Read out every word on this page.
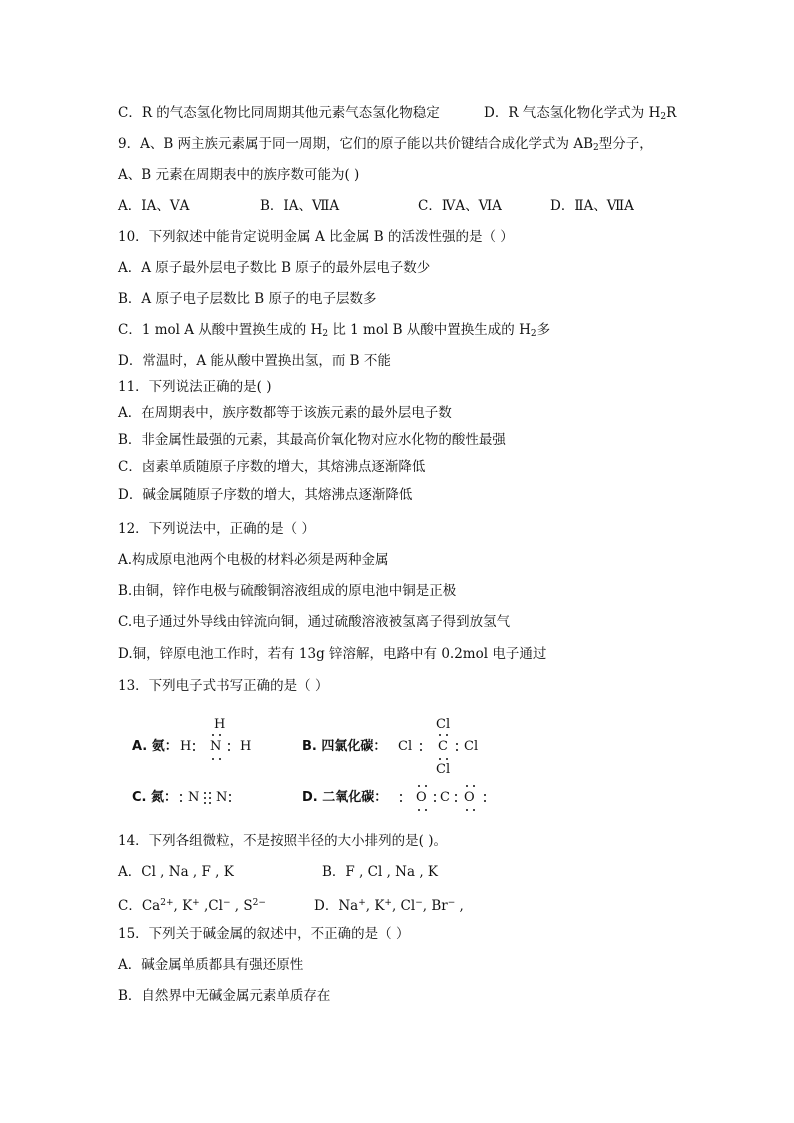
C．R 的气态氢化物比同周期其他元素气态氢化物稳定	D．R 气态氢化物化学式为 $H_2R$
9．A、B 两主族元素属于同一周期，它们的原子能以共价键结合成化学式为 $AB_2$型分子，
A、B 元素在周期表中的族序数可能为( )
A．ⅠA、ⅤA	B．ⅠA、ⅦA	C．ⅣA、ⅥA	D．ⅡA、ⅦA
10．下列叙述中能肯定说明金属 A 比金属 B 的活泼性强的是（ ）
A．A 原子最外层电子数比 B 原子的最外层电子数少
B．A 原子电子层数比 B 原子的电子层数多
C．1 mol A 从酸中置换生成的 $H_2$ 比 1 mol B 从酸中置换生成的 $H_2$多
D．常温时，A 能从酸中置换出氢，而 B 不能
11．下列说法正确的是( )
A．在周期表中，族序数都等于该族元素的最外层电子数
B．非金属性最强的元素，其最高价氧化物对应水化物的酸性最强
C．卤素单质随原子序数的增大，其熔沸点逐渐降低
D．碱金属随原子序数的增大，其熔沸点逐渐降低
12．下列说法中，正确的是（ ）
A.构成原电池两个电极的材料必须是两种金属
B.由铜，锌作电极与硫酸铜溶液组成的原电池中铜是正极
C.电子通过外导线由锌流向铜，通过硫酸溶液被氢离子得到放氢气
D.铜，锌原电池工作时，若有 13g 锌溶解，电路中有 0.2mol 电子通过
13．下列电子式书写正确的是（ ）
A. 氨： H N H
H
B. 四氯化碳： Cl C Cl
Cl
Cl
C. 氮： N N	D. 二氧化碳： O C O
14．下列各组微粒，不是按照半径的大小排列的是( )。
A．Cl , Na , F , K	B．F , Cl , Na , K
C．$Ca^{2+}$, K+ ,Cl− , $S^{2-}$	D．Na+, K+, Cl−, Br− ,
15．下列关于碱金属的叙述中，不正确的是（ ）
A．碱金属单质都具有强还原性
B．自然界中无碱金属元素单质存在
